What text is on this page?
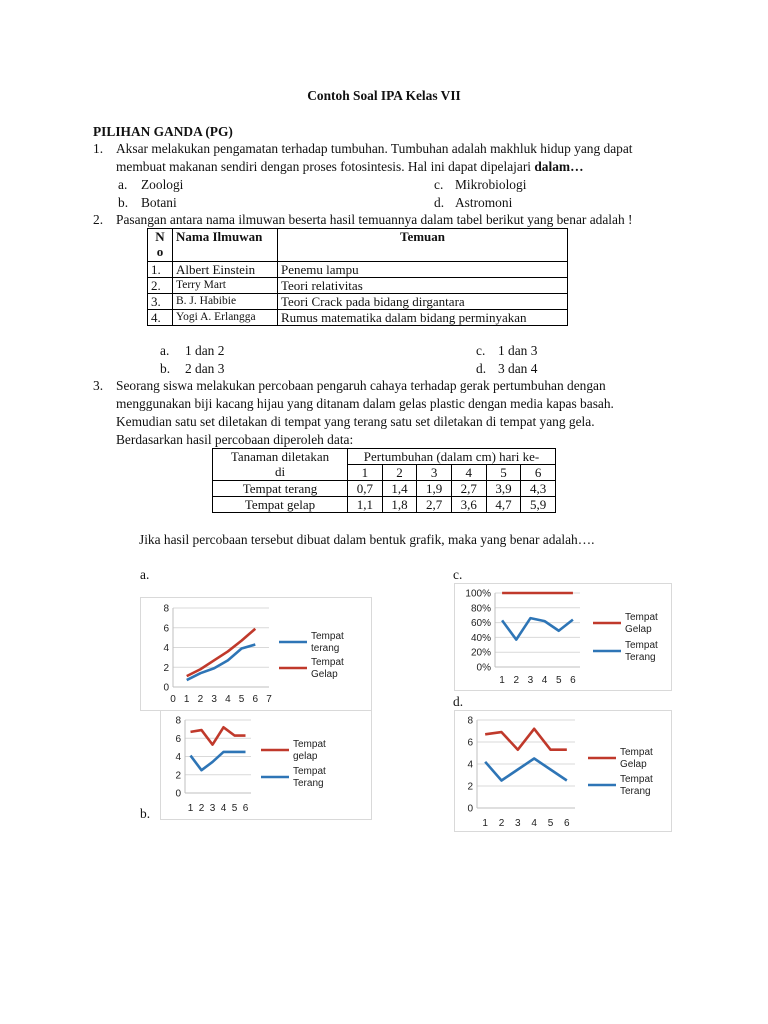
Contoh Soal IPA Kelas VII
PILIHAN GANDA (PG)
1. Aksar melakukan pengamatan terhadap tumbuhan. Tumbuhan adalah makhluk hidup yang dapat
membuat makanan sendiri dengan proses fotosintesis. Hal ini dapat dipelajari dalam…
a. Zoologi	c. Mikrobiologi
b. Botani	d. Astromoni
2. Pasangan antara nama ilmuwan beserta hasil temuannya dalam tabel berikut yang benar adalah !
N
o	Nama Ilmuwan	Temuan
1.	Albert Einstein	Penemu lampu
2.	Terry Mart	Teori relativitas
3.	B. J. Habibie	Teori Crack pada bidang dirgantara
4.	Yogi A. Erlangga	Rumus matematika dalam bidang perminyakan
a. 1 dan 2	c. 1 dan 3
b. 2 dan 3	d. 3 dan 4
3. Seorang siswa melakukan percobaan pengaruh cahaya terhadap gerak pertumbuhan dengan
menggunakan biji kacang hijau yang ditanam dalam gelas plastic dengan media kapas basah.
Kemudian satu set diletakan di tempat yang terang satu set diletakan di tempat yang gela.
Berdasarkan hasil percobaan diperoleh data:
Tanaman diletakan
di	Pertumbuhan (dalam cm) hari ke-					
	1	2	3	4	5	6
Tempat terang	0,7	1,4	1,9	2,7	3,9	4,3
Tempat gelap	1,1	1,8	2,7	3,6	4,7	5,9
Jika hasil percobaan tersebut dibuat dalam bentuk grafik, maka yang benar adalah….
a.	c.
d.
b.
0
2
4
6
8
0 1 2 3 4 5 6 7
Tempat
terang
Tempat
Gelap
0
2
4
6
8
1 2 3 4 5 6
Tempat
gelap
Tempat
Terang
0%
20%
40%
60%
80%
100%
1 2 3 4 5 6
Tempat
Gelap
Tempat
Terang
0
2
4
6
8
1 2 3 4 5 6
Tempat
Gelap
Tempat
Terang
